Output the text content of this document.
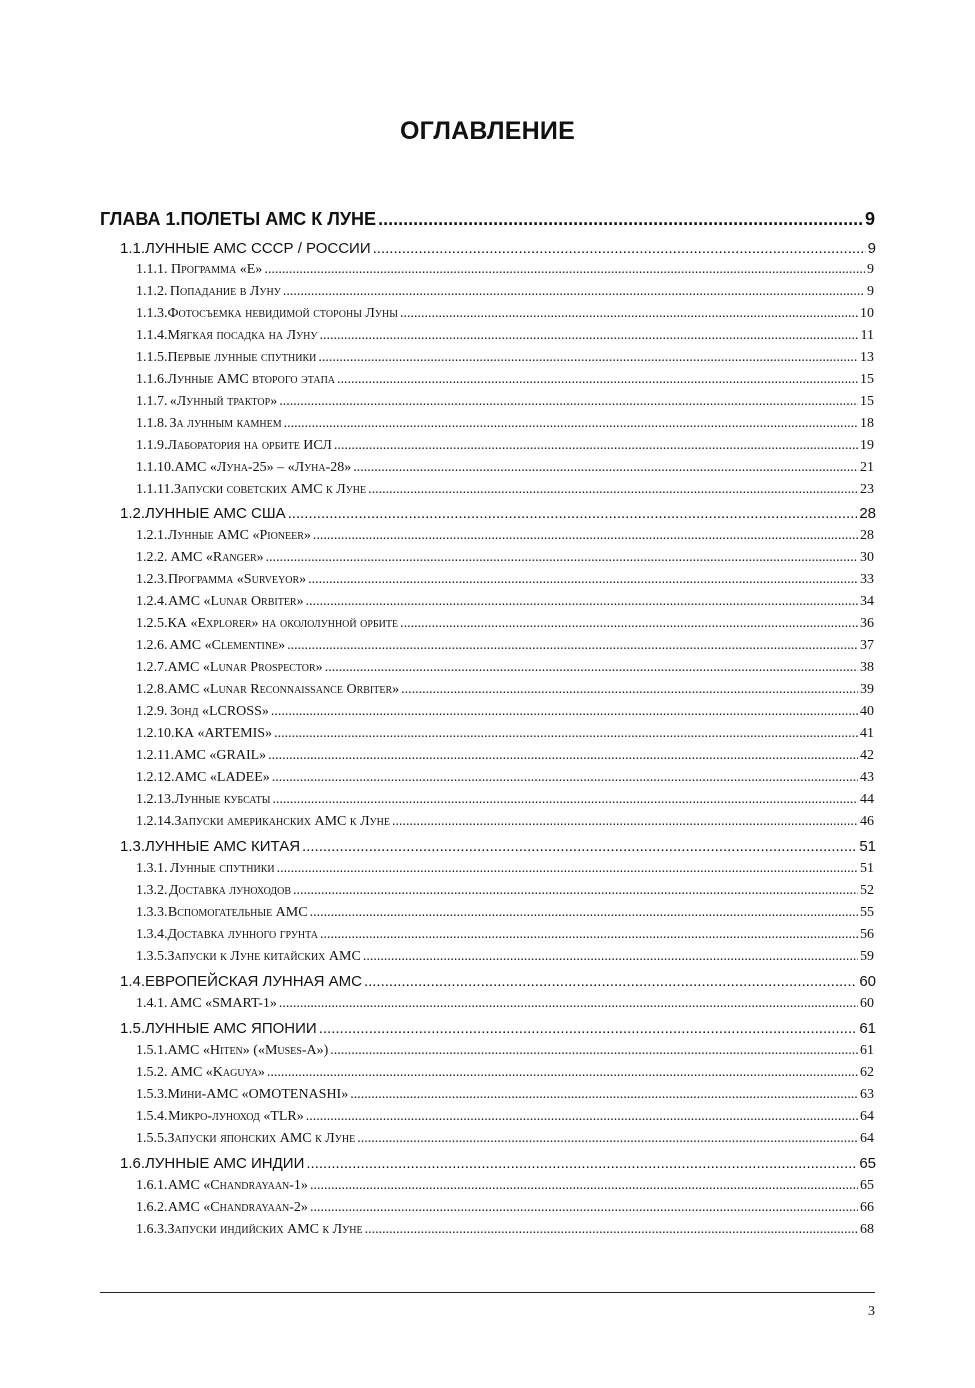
ОГЛАВЛЕНИЕ
ГЛАВА 1. ПОЛЕТЫ АМС К ЛУНЕ .....	9
1.1. ЛУННЫЕ АМС СССР / РОССИИ .....	9
1.1.1. Программа «Е» .....	9
1.1.2. Попадание в Луну .....	9
1.1.3. Фотосъемка невидимой стороны Луны .....	10
1.1.4. Мягкая посадка на Луну .....	11
1.1.5. Первые лунные спутники .....	13
1.1.6. Лунные АМС второго этапа .....	15
1.1.7. «Лунный трактор» .....	15
1.1.8. За лунным камнем .....	18
1.1.9. Лаборатория на орбите ИСЛ .....	19
1.1.10. АМС «Луна-25» – «Луна-28» .....	21
1.1.11. Запуски советских АМС к Луне .....	23
1.2. ЛУННЫЕ АМС США .....	28
1.2.1. Лунные АМС «Pioneer» .....	28
1.2.2. АМС «Ranger» .....	30
1.2.3. Программа «Surveyor» .....	33
1.2.4. АМС «Lunar Orbiter» .....	34
1.2.5. КА «Explorer» на окололунной орбите .....	36
1.2.6. АМС «Clementine» .....	37
1.2.7. АМС «Lunar Prospector» .....	38
1.2.8. АМС «Lunar Reconnaissance Orbiter» .....	39
1.2.9. Зонд «LCROSS» .....	40
1.2.10. КА «ARTEMIS» .....	41
1.2.11. АМС «GRAIL» .....	42
1.2.12. АМС «LADEE» .....	43
1.2.13. Лунные кубсаты .....	44
1.2.14. Запуски американских АМС к Луне .....	46
1.3. ЛУННЫЕ АМС КИТАЯ .....	51
1.3.1. Лунные спутники .....	51
1.3.2. Доставка луноходов .....	52
1.3.3. Вспомогательные АМС .....	55
1.3.4. Доставка лунного грунта .....	56
1.3.5. Запуски к Луне китайских АМС .....	59
1.4. ЕВРОПЕЙСКАЯ ЛУННАЯ АМС .....	60
1.4.1. АМС «SMART-1» .....	60
1.5. ЛУННЫЕ АМС ЯПОНИИ .....	61
1.5.1. АМС «Hiten» («Muses-A») .....	61
1.5.2. АМС «Kaguya» .....	62
1.5.3. Мини-АМС «OMOTENASHI» .....	63
1.5.4. Микро-луноход «TLR» .....	64
1.5.5. Запуски японских АМС к Луне .....	64
1.6. ЛУННЫЕ АМС ИНДИИ .....	65
1.6.1. АМС «Chandrayaan-1» .....	65
1.6.2. АМС «Chandrayaan-2» .....	66
1.6.3. Запуски индийских АМС к Луне .....	68
3
